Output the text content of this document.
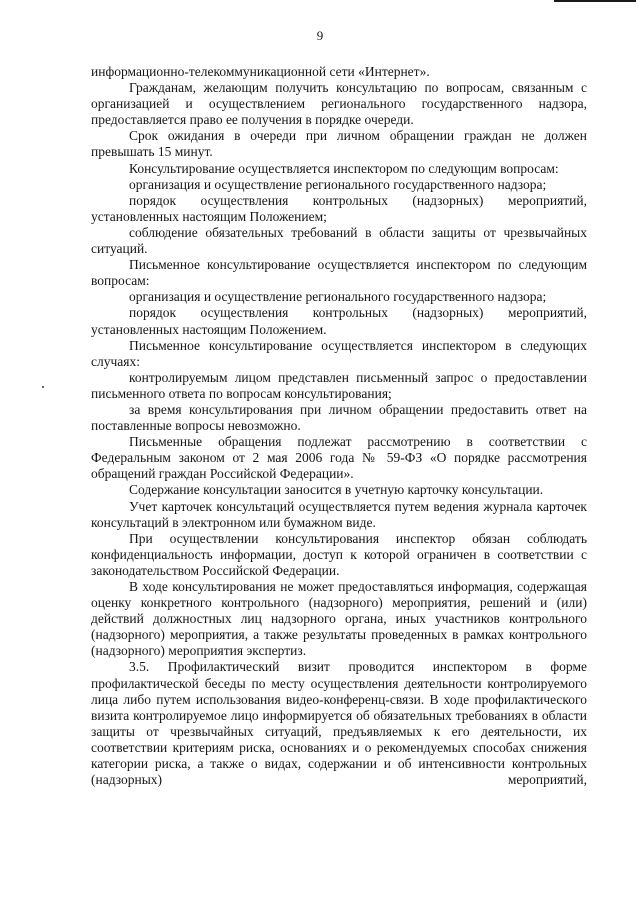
9

информационно-телекоммуникационной сети «Интернет».

Гражданам, желающим получить консультацию по вопросам, связанным с организацией и осуществлением регионального государственного надзора, предоставляется право ее получения в порядке очереди.

Срок ожидания в очереди при личном обращении граждан не должен превышать 15 минут.

Консультирование осуществляется инспектором по следующим вопросам:

организация и осуществление регионального государственного надзора;

порядок осуществления контрольных (надзорных) мероприятий, установленных настоящим Положением;

соблюдение обязательных требований в области защиты от чрезвычайных ситуаций.

Письменное консультирование осуществляется инспектором по следующим вопросам:

организация и осуществление регионального государственного надзора;

порядок осуществления контрольных (надзорных) мероприятий, установленных настоящим Положением.

Письменное консультирование осуществляется инспектором в следующих случаях:

контролируемым лицом представлен письменный запрос о предоставлении письменного ответа по вопросам консультирования;

за время консультирования при личном обращении предоставить ответ на поставленные вопросы невозможно.

Письменные обращения подлежат рассмотрению в соответствии с Федеральным законом от 2 мая 2006 года № 59-ФЗ «О порядке рассмотрения обращений граждан Российской Федерации».

Содержание консультации заносится в учетную карточку консультации.

Учет карточек консультаций осуществляется путем ведения журнала карточек консультаций в электронном или бумажном виде.

При осуществлении консультирования инспектор обязан соблюдать конфиденциальность информации, доступ к которой ограничен в соответствии с законодательством Российской Федерации.

В ходе консультирования не может предоставляться информация, содержащая оценку конкретного контрольного (надзорного) мероприятия, решений и (или) действий должностных лиц надзорного органа, иных участников контрольного (надзорного) мероприятия, а также результаты проведенных в рамках контрольного (надзорного) мероприятия экспертиз.

3.5. Профилактический визит проводится инспектором в форме профилактической беседы по месту осуществления деятельности контролируемого лица либо путем использования видео-конференц-связи. В ходе профилактического визита контролируемое лицо информируется об обязательных требованиях в области защиты от чрезвычайных ситуаций, предъявляемых к его деятельности, их соответствии критериям риска, основаниях и о рекомендуемых способах снижения категории риска, а также о видах, содержании и об интенсивности контрольных (надзорных) мероприятий,
